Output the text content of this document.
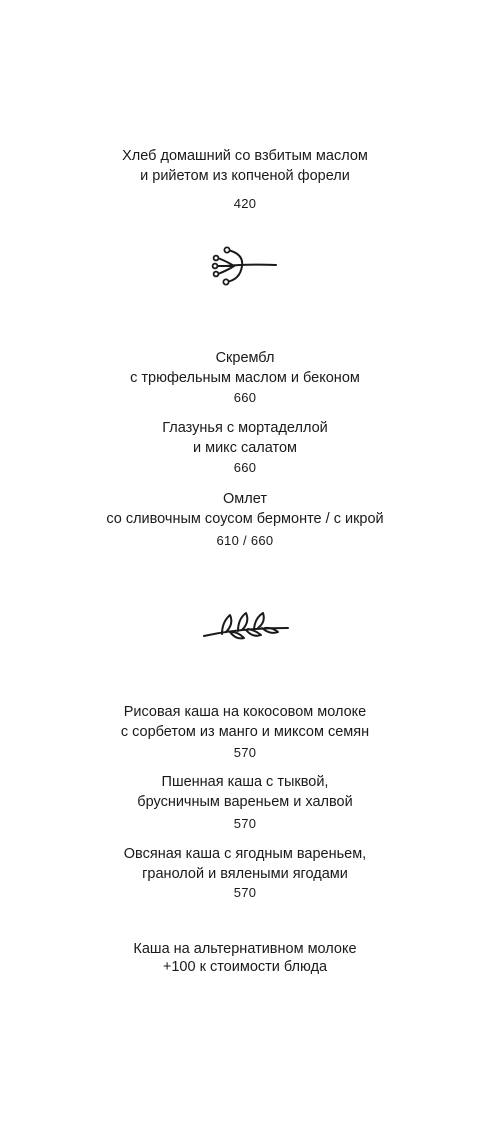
Хлеб домашний со взбитым маслом
и рийетом из копченой форели
420
Скрембл
с трюфельным маслом и беконом
660
Глазунья с мортаделлой
и микс салатом
660
Омлет
со сливочным соусом бермонте / с икрой
610 / 660
Рисовая каша на кокосовом молоке
с сорбетом из манго и миксом семян
570
Пшенная каша с тыквой,
брусничным вареньем и халвой
570
Овсяная каша с ягодным вареньем,
гранолой и вялеными ягодами
570
Каша на альтернативном молоке
+100 к стоимости блюда
